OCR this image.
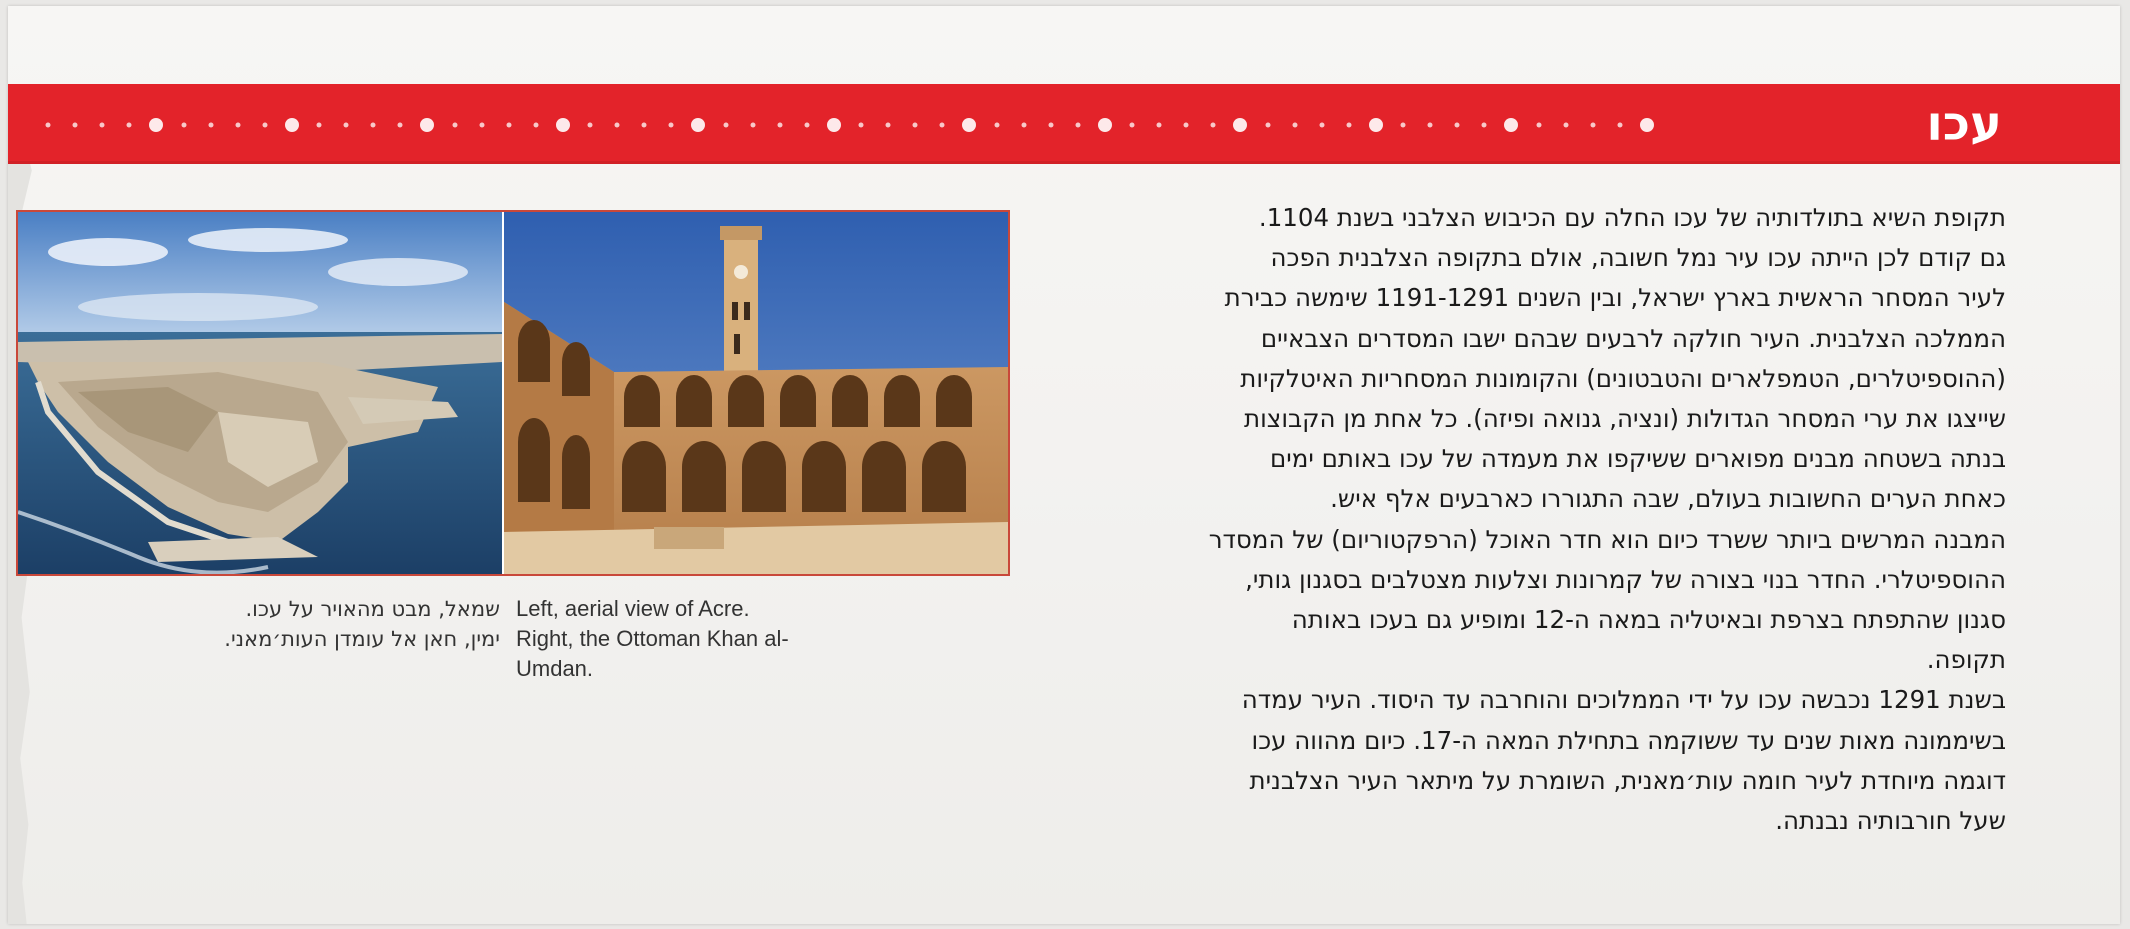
עכו
שמאל, מבט מהאויר על עכו.
ימין, חאן אל עומדן העות׳מאני.
Left, aerial view of Acre.
Right, the Ottoman Khan al-
Umdan.
תקופת השיא בתולדותיה של עכו החלה עם הכיבוש הצלבני בשנת 1104.
גם קודם לכן הייתה עכו עיר נמל חשובה, אולם בתקופה הצלבנית הפכה
לעיר המסחר הראשית בארץ ישראל, ובין השנים 1191-1291 שימשה כבירת
הממלכה הצלבנית. העיר חולקה לרבעים שבהם ישבו המסדרים הצבאיים
(ההוספיטלרים, הטמפלארים והטבטונים) והקומונות המסחריות האיטלקיות
שייצגו את ערי המסחר הגדולות (ונציה, גנואה ופיזה). כל אחת מן הקבוצות
בנתה בשטחה מבנים מפוארים ששיקפו את מעמדה של עכו באותם ימים
כאחת הערים החשובות בעולם, שבה התגוררו כארבעים אלף איש.
המבנה המרשים ביותר ששרד כיום הוא חדר האוכל (הרפקטוריום) של המסדר
ההוספיטלרי. החדר בנוי בצורה של קמרונות וצלעות מצטלבים בסגנון גותי,
סגנון שהתפתח בצרפת ובאיטליה במאה ה-12 ומופיע גם בעכו באותה
תקופה.
בשנת 1291 נכבשה עכו על ידי הממלוכים והוחרבה עד היסוד. העיר עמדה
בשיממונה מאות שנים עד ששוקמה בתחילת המאה ה-17. כיום מהווה עכו
דוגמה מיוחדת לעיר חומה עות׳מאנית, השומרת על מיתאר העיר הצלבנית
שעל חורבותיה נבנתה.
